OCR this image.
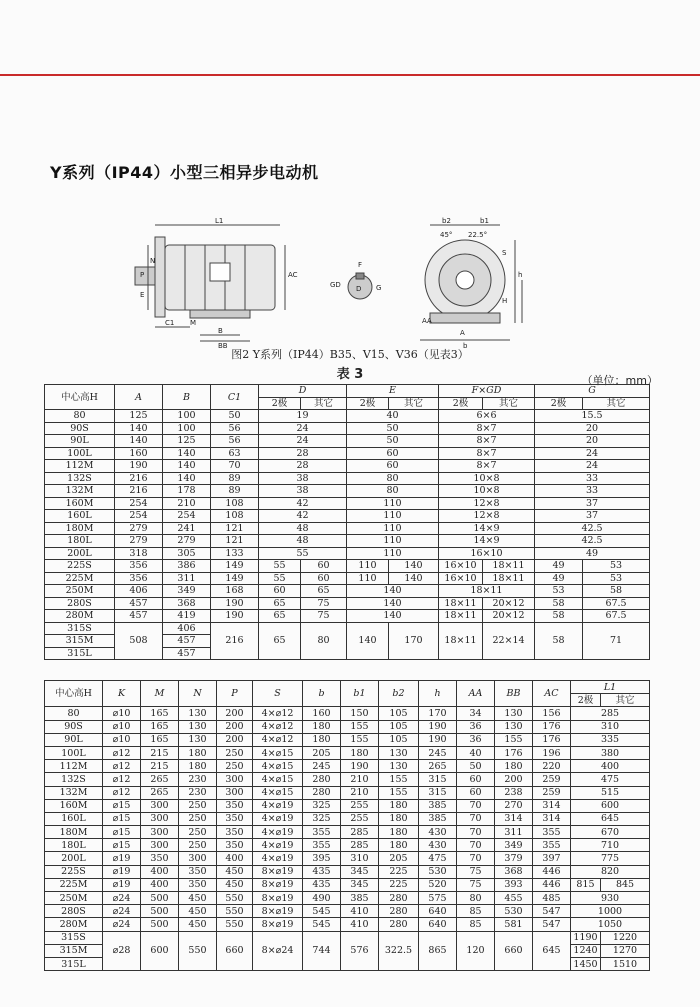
Y系列（IP44）小型三相异步电动机
L1
P
N
E
C1 M
B
BB
AC
F
GD D G
b2	b1
45° 22.5°
S
h
H
A
AA
b
图2 Y系列（IP44）B35、V15、V36（见表3）
表 3	（单位：mm）
中心高H	A	B	C1	D		E		F×GD		G	
				2极	其它	2极	其它	2极	其它	2极	其它
80	125	100	50	19		40		6×6		15.5	
90S	140	100	56	24		50		8×7		20	
90L	140	125	56	24		50		8×7		20	
100L	160	140	63	28		60		8×7		24	
112M	190	140	70	28		60		8×7		24	
132S	216	140	89	38		80		10×8		33	
132M	216	178	89	38		80		10×8		33	
160M	254	210	108	42		110		12×8		37	
160L	254	254	108	42		110		12×8		37	
180M	279	241	121	48		110		14×9		42.5	
180L	279	279	121	48		110		14×9		42.5	
200L	318	305	133	55		110		16×10		49	
225S	356	386	149	55	60	110	140	16×10	18×11	49	53
225M	356	311	149	55	60	110	140	16×10	18×11	49	53
250M	406	349	168	60	65	140		18×11		53	58
280S	457	368	190	65	75	140		18×11	20×12	58	67.5
280M	457	419	190	65	75	140		18×11	20×12	58	67.5
315S	508	406	216	65	80	140	170	18×11	22×14	58	71
315M		457									
315L		457									
中心高H	K	M	N	P	S	b	b1	b2	h	AA	BB	AC	L1	
													2极	其它
80	⌀10	165	130	200	4×⌀12	160	150	105	170	34	130	156	285	
90S	⌀10	165	130	200	4×⌀12	180	155	105	190	36	130	176	310	
90L	⌀10	165	130	200	4×⌀12	180	155	105	190	36	155	176	335	
100L	⌀12	215	180	250	4×⌀15	205	180	130	245	40	176	196	380	
112M	⌀12	215	180	250	4×⌀15	245	190	130	265	50	180	220	400	
132S	⌀12	265	230	300	4×⌀15	280	210	155	315	60	200	259	475	
132M	⌀12	265	230	300	4×⌀15	280	210	155	315	60	238	259	515	
160M	⌀15	300	250	350	4×⌀19	325	255	180	385	70	270	314	600	
160L	⌀15	300	250	350	4×⌀19	325	255	180	385	70	314	314	645	
180M	⌀15	300	250	350	4×⌀19	355	285	180	430	70	311	355	670	
180L	⌀15	300	250	350	4×⌀19	355	285	180	430	70	349	355	710	
200L	⌀19	350	300	400	4×⌀19	395	310	205	475	70	379	397	775	
225S	⌀19	400	350	450	8×⌀19	435	345	225	530	75	368	446	820	
225M	⌀19	400	350	450	8×⌀19	435	345	225	520	75	393	446	815	845
250M	⌀24	500	450	550	8×⌀19	490	385	280	575	80	455	485	930	
280S	⌀24	500	450	550	8×⌀19	545	410	280	640	85	530	547	1000	
280M	⌀24	500	450	550	8×⌀19	545	410	280	640	85	581	547	1050	
315S	⌀28	600	550	660	8×⌀24	744	576	322.5	865	120	660	645	1190	1220
315M													1240	1270
315L													1450	1510
